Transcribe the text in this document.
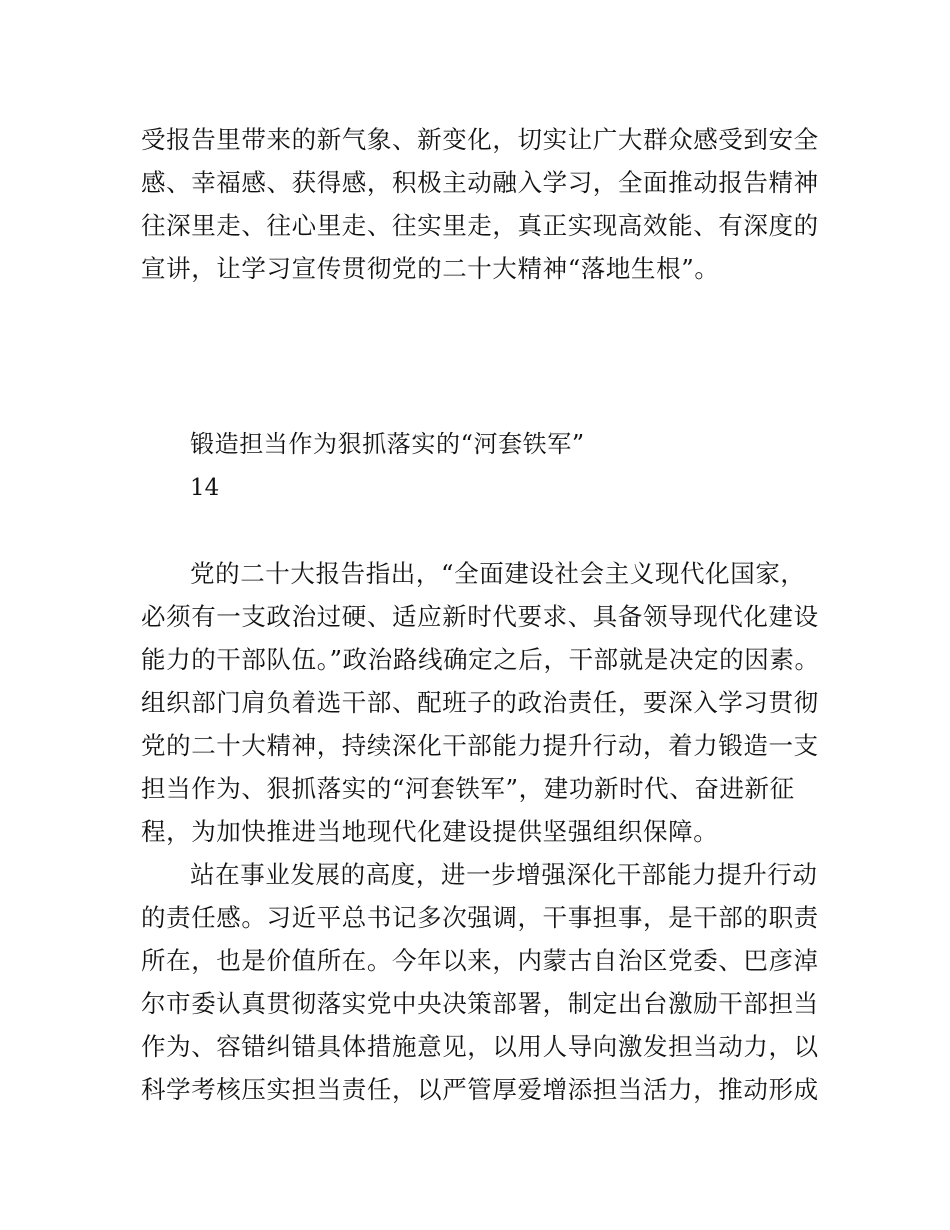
受报告里带来的新气象、新变化，切实让广大群众感受到安全
感、幸福感、获得感，积极主动融入学习，全面推动报告精神
往深里走、往心里走、往实里走，真正实现高效能、有深度的
宣讲，让学习宣传贯彻党的二十大精神“落地生根”。
锻造担当作为狠抓落实的“河套铁军”
14
党的二十大报告指出，“全面建设社会主义现代化国家，
必须有一支政治过硬、适应新时代要求、具备领导现代化建设
能力的干部队伍。”政治路线确定之后，干部就是决定的因素。
组织部门肩负着选干部、配班子的政治责任，要深入学习贯彻
党的二十大精神，持续深化干部能力提升行动，着力锻造一支
担当作为、狠抓落实的“河套铁军”，建功新时代、奋进新征
程，为加快推进当地现代化建设提供坚强组织保障。
站在事业发展的高度，进一步增强深化干部能力提升行动
的责任感。习近平总书记多次强调，干事担事，是干部的职责
所在，也是价值所在。今年以来，内蒙古自治区党委、巴彦淖
尔市委认真贯彻落实党中央决策部署，制定出台激励干部担当
作为、容错纠错具体措施意见，以用人导向激发担当动力，以
科学考核压实担当责任，以严管厚爱增添担当活力，推动形成
